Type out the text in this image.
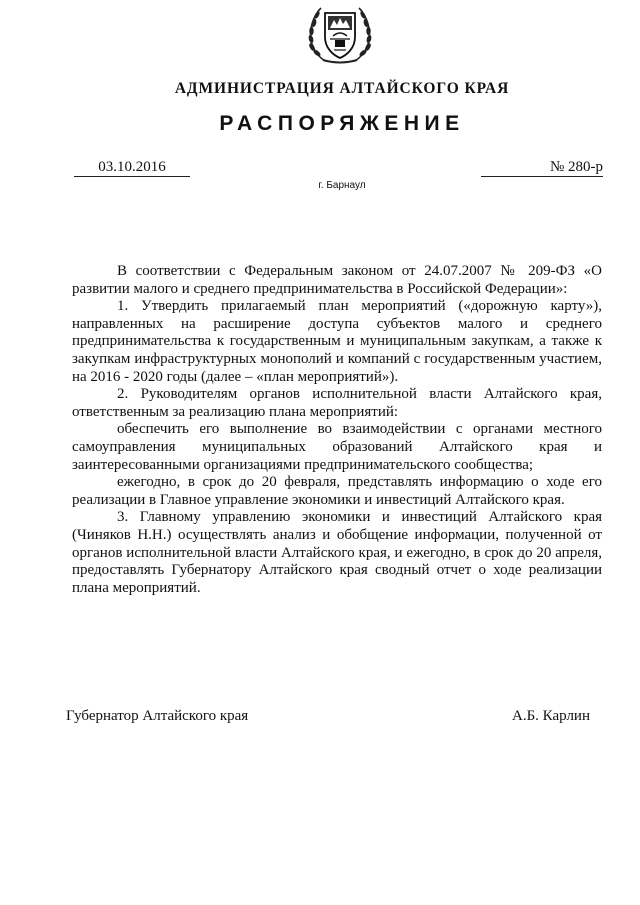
АДМИНИСТРАЦИЯ АЛТАЙСКОГО КРАЯ
РАСПОРЯЖЕНИЕ
03.10.2016	№ 280-р
г. Барнаул

В соответствии с Федеральным законом от 24.07.2007 № 209-ФЗ «О развитии малого и среднего предпринимательства в Российской Федерации»:

1. Утвердить прилагаемый план мероприятий («дорожную карту»), направленных на расширение доступа субъектов малого и среднего предпринимательства к государственным и муниципальным закупкам, а также к закупкам инфраструктурных монополий и компаний с государственным участием, на 2016 - 2020 годы (далее – «план мероприятий»).

2. Руководителям органов исполнительной власти Алтайского края, ответственным за реализацию плана мероприятий:

обеспечить его выполнение во взаимодействии с органами местного самоуправления муниципальных образований Алтайского края и заинтересованными организациями предпринимательского сообщества;

ежегодно, в срок до 20 февраля, представлять информацию о ходе его реализации в Главное управление экономики и инвестиций Алтайского края.

3. Главному управлению экономики и инвестиций Алтайского края (Чиняков Н.Н.) осуществлять анализ и обобщение информации, полученной от органов исполнительной власти Алтайского края, и ежегодно, в срок до 20 апреля, предоставлять Губернатору Алтайского края сводный отчет о ходе реализации плана мероприятий.

Губернатор Алтайского края	А.Б. Карлин
